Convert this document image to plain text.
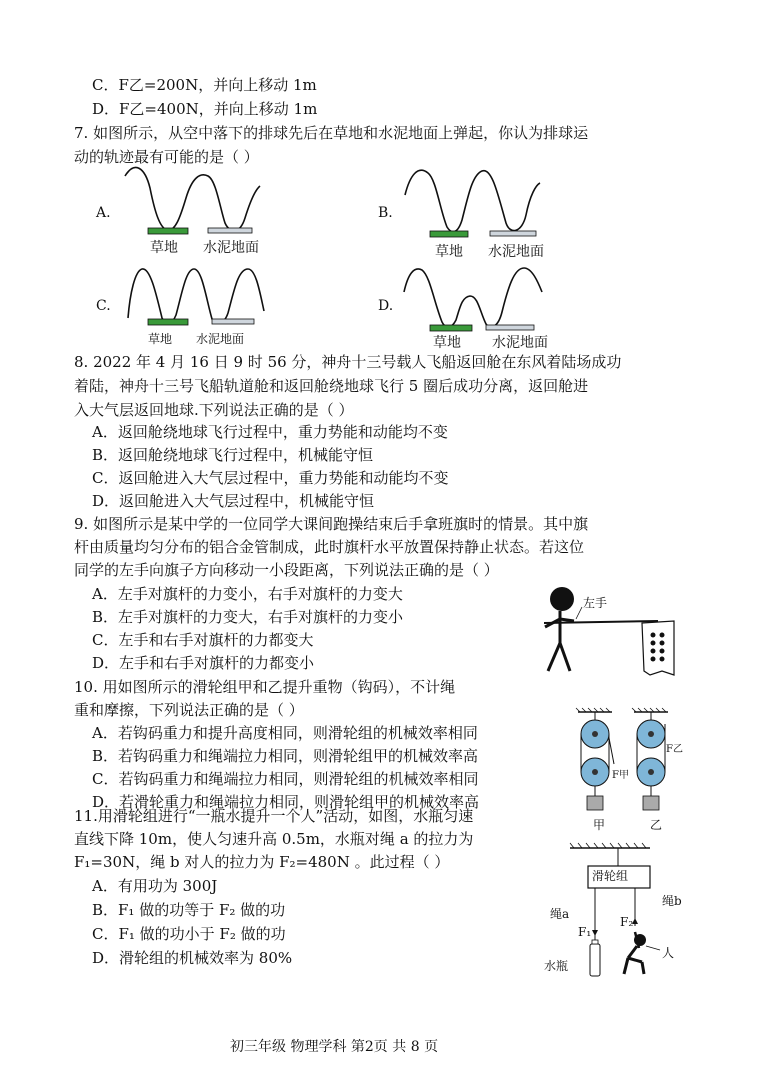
C．F乙=200N，并向上移动 1m
D．F乙=400N，并向上移动 1m
7. 如图所示，从空中落下的排球先后在草地和水泥地面上弹起，你认为排球运
动的轨迹最有可能的是（ ）
A.	B.
C.	D.
草地 水泥地面	草地 水泥地面
草地 水泥地面	草地 水泥地面
8. 2022 年 4 月 16 日 9 时 56 分，神舟十三号载人飞船返回舱在东风着陆场成功
着陆，神舟十三号飞船轨道舱和返回舱绕地球飞行 5 圈后成功分离，返回舱进
入大气层返回地球.下列说法正确的是（ ）
A．返回舱绕地球飞行过程中，重力势能和动能均不变
B．返回舱绕地球飞行过程中，机械能守恒
C．返回舱进入大气层过程中，重力势能和动能均不变
D．返回舱进入大气层过程中，机械能守恒
9. 如图所示是某中学的一位同学大课间跑操结束后手拿班旗时的情景。其中旗
杆由质量均匀分布的铝合金管制成，此时旗杆水平放置保持静止状态。若这位
同学的左手向旗子方向移动一小段距离，下列说法正确的是（ ）
A．左手对旗杆的力变小，右手对旗杆的力变大
B．左手对旗杆的力变大，右手对旗杆的力变小
C．左手和右手对旗杆的力都变大
D．左手和右手对旗杆的力都变小
左手
10. 用如图所示的滑轮组甲和乙提升重物（钩码），不计绳
重和摩擦，下列说法正确的是（ ）
A．若钩码重力和提升高度相同，则滑轮组的机械效率相同
B．若钩码重力和绳端拉力相同，则滑轮组甲的机械效率高
C．若钩码重力和绳端拉力相同，则滑轮组的机械效率相同
D．若滑轮重力和绳端拉力相同，则滑轮组甲的机械效率高
F甲
F乙
甲	乙
11.用滑轮组进行“一瓶水提升一个人”活动，如图，水瓶匀速
直线下降 10m，使人匀速升高 0.5m，水瓶对绳 a 的拉力为
F₁=30N，绳 b 对人的拉力为 F₂=480N 。此过程（ ）
A．有用功为 300J
B．F₁ 做的功等于 F₂ 做的功
C．F₁ 做的功小于 F₂ 做的功
D．滑轮组的机械效率为 80%
滑轮组
绳a
绳b
F₁
F₂
水瓶
人
初三年级 物理学科 第2页 共 8 页
